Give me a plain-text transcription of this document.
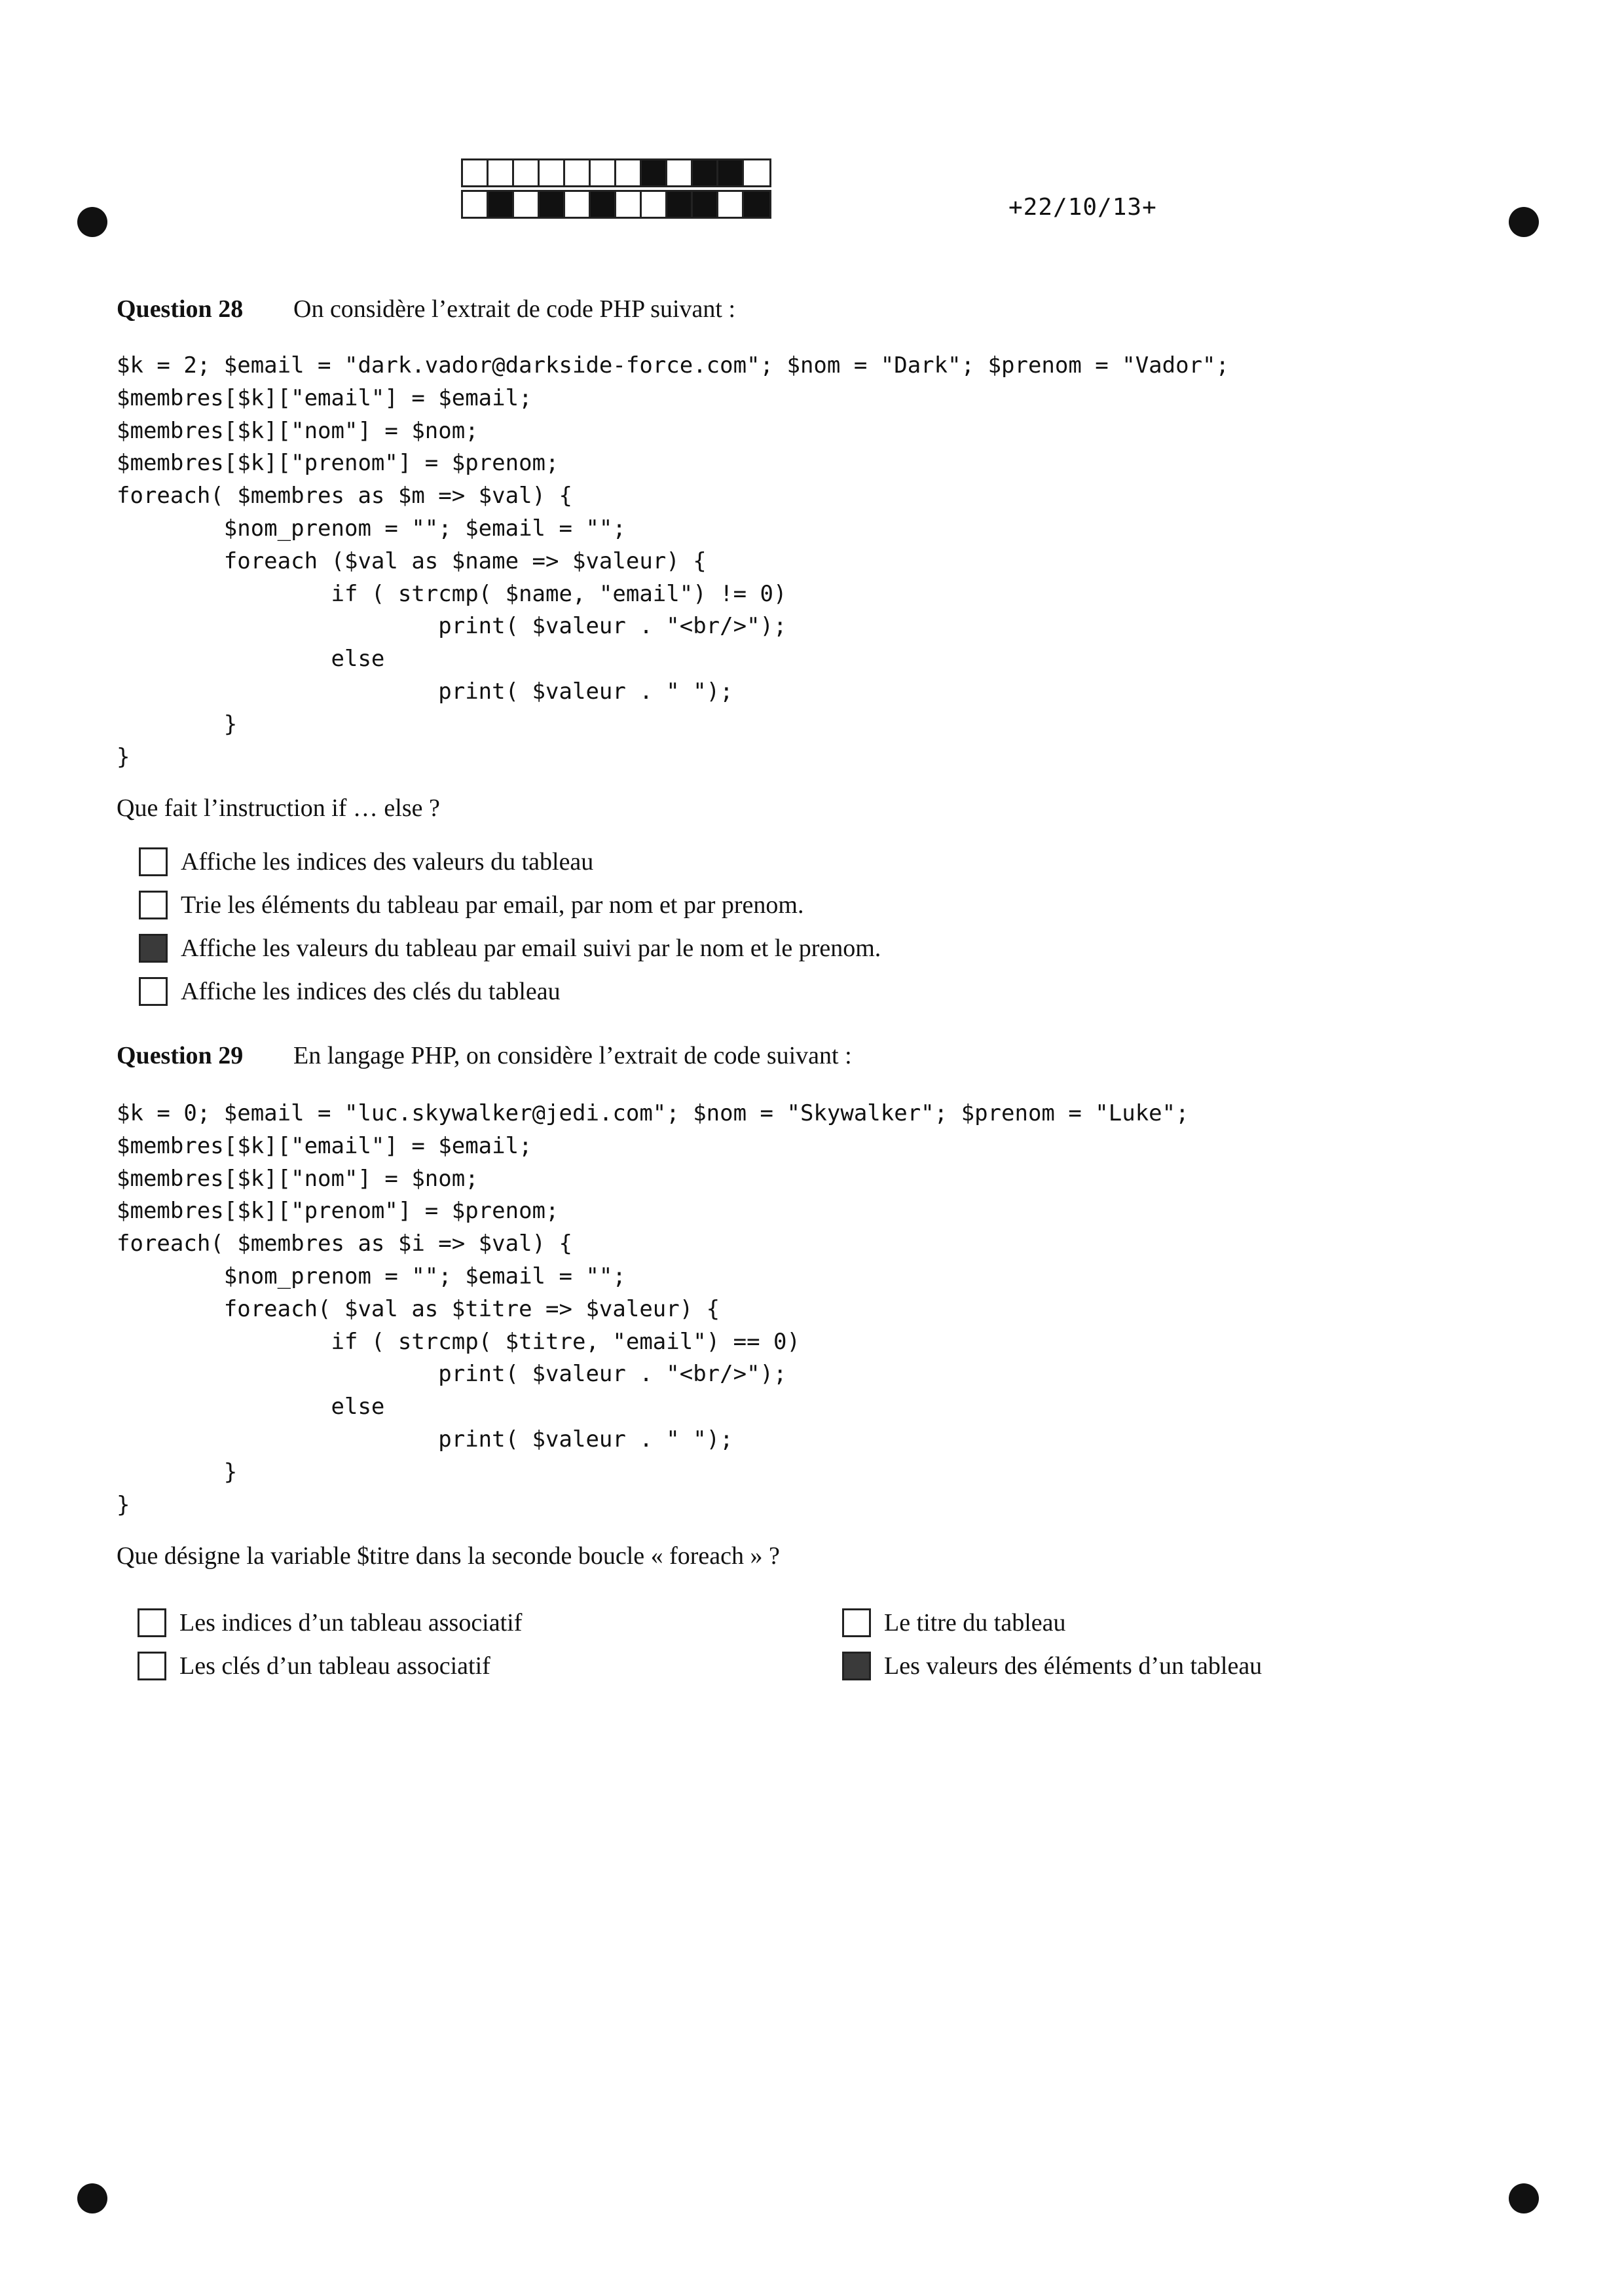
+22/10/13+
Question 28 On considère l’extrait de code PHP suivant :
$k = 2; $email = "dark.vador@darkside-force.com"; $nom = "Dark"; $prenom = "Vador";
$membres[$k]["email"] = $email;
$membres[$k]["nom"] = $nom;
$membres[$k]["prenom"] = $prenom;
foreach( $membres as $m => $val) {
$nom_prenom = ""; $email = "";
foreach ($val as $name => $valeur) {
if ( strcmp( $name, "email") != 0)
print( $valeur . "<br/>");
else
print( $valeur . " ");
}
}
Que fait l’instruction if … else ?
Affiche les indices des valeurs du tableau
Trie les éléments du tableau par email, par nom et par prenom.
Affiche les valeurs du tableau par email suivi par le nom et le prenom.
Affiche les indices des clés du tableau
Question 29 En langage PHP, on considère l’extrait de code suivant :
$k = 0; $email = "luc.skywalker@jedi.com"; $nom = "Skywalker"; $prenom = "Luke";
$membres[$k]["email"] = $email;
$membres[$k]["nom"] = $nom;
$membres[$k]["prenom"] = $prenom;
foreach( $membres as $i => $val) {
$nom_prenom = ""; $email = "";
foreach( $val as $titre => $valeur) {
if ( strcmp( $titre, "email") == 0)
print( $valeur . "<br/>");
else
print( $valeur . " ");
}
}
Que désigne la variable $titre dans la seconde boucle « foreach » ?
Les indices d’un tableau associatif
Les clés d’un tableau associatif
Le titre du tableau
Les valeurs des éléments d’un tableau
